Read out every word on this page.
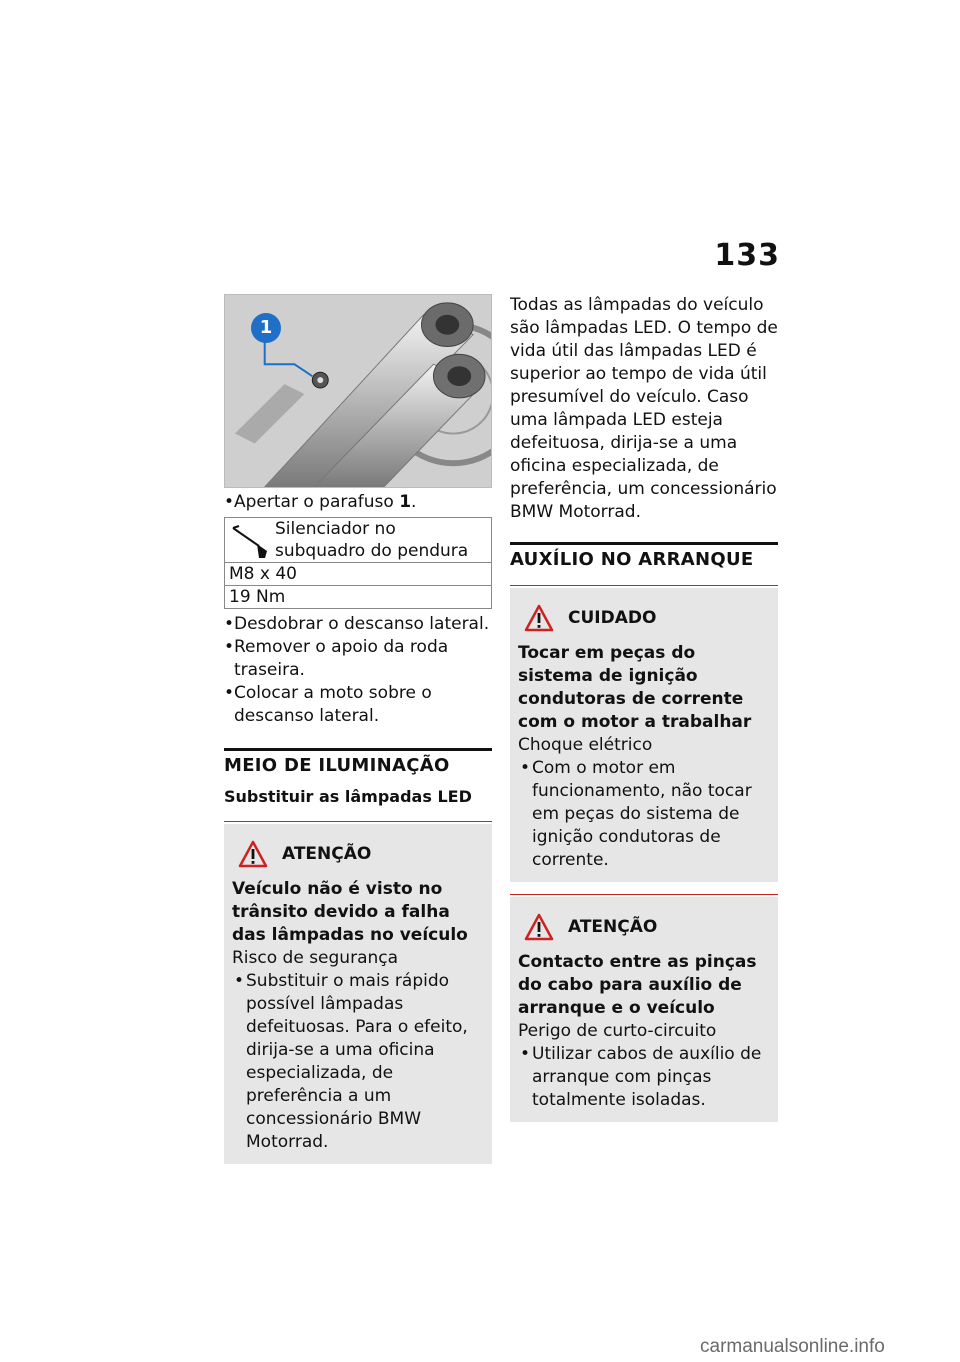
133
1
• Apertar o parafuso 1.
Silenciador no subquadro do pendura

M8 x 40
19 Nm
• Desdobrar o descanso lateral.
• Remover o apoio da roda traseira.
• Colocar a moto sobre o descanso lateral.
MEIO DE ILUMINAÇÃO
Substituir as lâmpadas LED
ATENÇÃO
Veículo não é visto no trânsito devido a falha das lâmpadas no veículo
Risco de segurança
• Substituir o mais rápido possível lâmpadas defeituosas. Para o efeito, dirija-se a uma oficina especializada, de preferência a um concessionário BMW Motorrad.
Todas as lâmpadas do veículo são lâmpadas LED. O tempo de vida útil das lâmpadas LED é superior ao tempo de vida útil presumível do veículo. Caso uma lâmpada LED esteja defeituosa, dirija-se a uma oficina especializada, de preferência, um concessionário BMW Motorrad.
AUXÍLIO NO ARRANQUE
CUIDADO
Tocar em peças do sistema de ignição condutoras de corrente com o motor a trabalhar
Choque elétrico
• Com o motor em funcionamento, não tocar em peças do sistema de ignição condutoras de corrente.
ATENÇÃO
Contacto entre as pinças do cabo para auxílio de arranque e o veículo
Perigo de curto-circuito
• Utilizar cabos de auxílio de arranque com pinças totalmente isoladas.
carmanualsonline.info
